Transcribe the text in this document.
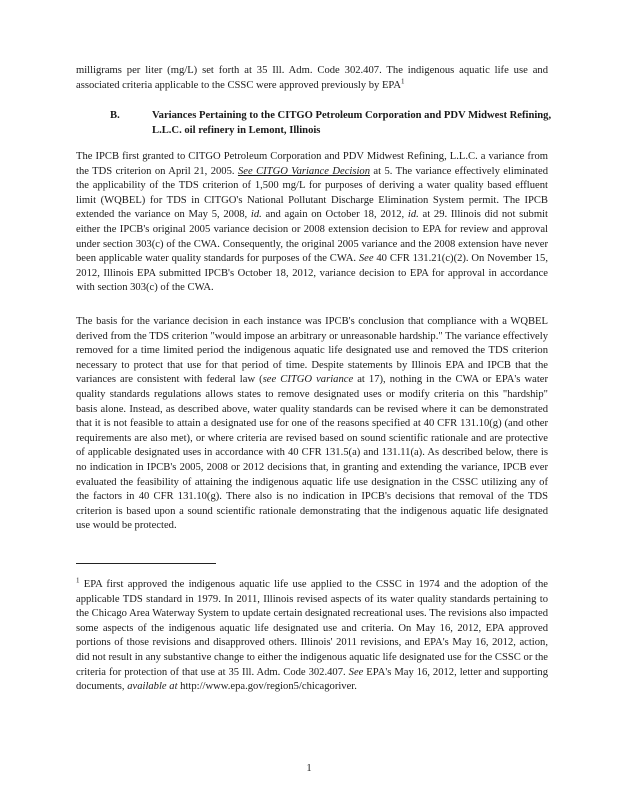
milligrams per liter (mg/L) set forth at 35 Ill. Adm. Code 302.407. The indigenous aquatic life use and associated criteria applicable to the CSSC were approved previously by EPA$^1$

B.	Variances Pertaining to the CITGO Petroleum Corporation and PDV Midwest Refining, L.L.C. oil refinery in Lemont, Illinois

The IPCB first granted to CITGO Petroleum Corporation and PDV Midwest Refining, L.L.C. a variance from the TDS criterion on April 21, 2005. See CITGO Variance Decision at 5. The variance effectively eliminated the applicability of the TDS criterion of 1,500 mg/L for purposes of deriving a water quality based effluent limit (WQBEL) for TDS in CITGO's National Pollutant Discharge Elimination System permit. The IPCB extended the variance on May 5, 2008, id. and again on October 18, 2012, id. at 29. Illinois did not submit either the IPCB's original 2005 variance decision or 2008 extension decision to EPA for review and approval under section 303(c) of the CWA. Consequently, the original 2005 variance and the 2008 extension have never been applicable water quality standards for purposes of the CWA. See 40 CFR 131.21(c)(2). On November 15, 2012, Illinois EPA submitted IPCB's October 18, 2012, variance decision to EPA for approval in accordance with section 303(c) of the CWA.

The basis for the variance decision in each instance was IPCB's conclusion that compliance with a WQBEL derived from the TDS criterion "would impose an arbitrary or unreasonable hardship." The variance effectively removed for a time limited period the indigenous aquatic life designated use and removed the TDS criterion necessary to protect that use for that period of time. Despite statements by Illinois EPA and IPCB that the variances are consistent with federal law (see CITGO variance at 17), nothing in the CWA or EPA's water quality standards regulations allows states to remove designated uses or modify criteria on this "hardship" basis alone. Instead, as described above, water quality standards can be revised where it can be demonstrated that it is not feasible to attain a designated use for one of the reasons specified at 40 CFR 131.10(g) (and other requirements are also met), or where criteria are revised based on sound scientific rationale and are protective of applicable designated uses in accordance with 40 CFR 131.5(a) and 131.11(a). As described below, there is no indication in IPCB's 2005, 2008 or 2012 decisions that, in granting and extending the variance, IPCB ever evaluated the feasibility of attaining the indigenous aquatic life use designation in the CSSC utilizing any of the factors in 40 CFR 131.10(g). There also is no indication in IPCB's decisions that removal of the TDS criterion is based upon a sound scientific rationale demonstrating that the indigenous aquatic life designated use would be protected.

$^1$ EPA first approved the indigenous aquatic life use applied to the CSSC in 1974 and the adoption of the applicable TDS standard in 1979. In 2011, Illinois revised aspects of its water quality standards pertaining to the Chicago Area Waterway System to update certain designated recreational uses. The revisions also impacted some aspects of the indigenous aquatic life designated use and criteria. On May 16, 2012, EPA approved portions of those revisions and disapproved others. Illinois' 2011 revisions, and EPA's May 16, 2012, action, did not result in any substantive change to either the indigenous aquatic life designated use for the CSSC or the criteria for protection of that use at 35 Ill. Adm. Code 302.407. See EPA's May 16, 2012, letter and supporting documents, available at http://www.epa.gov/region5/chicagoriver.

1
